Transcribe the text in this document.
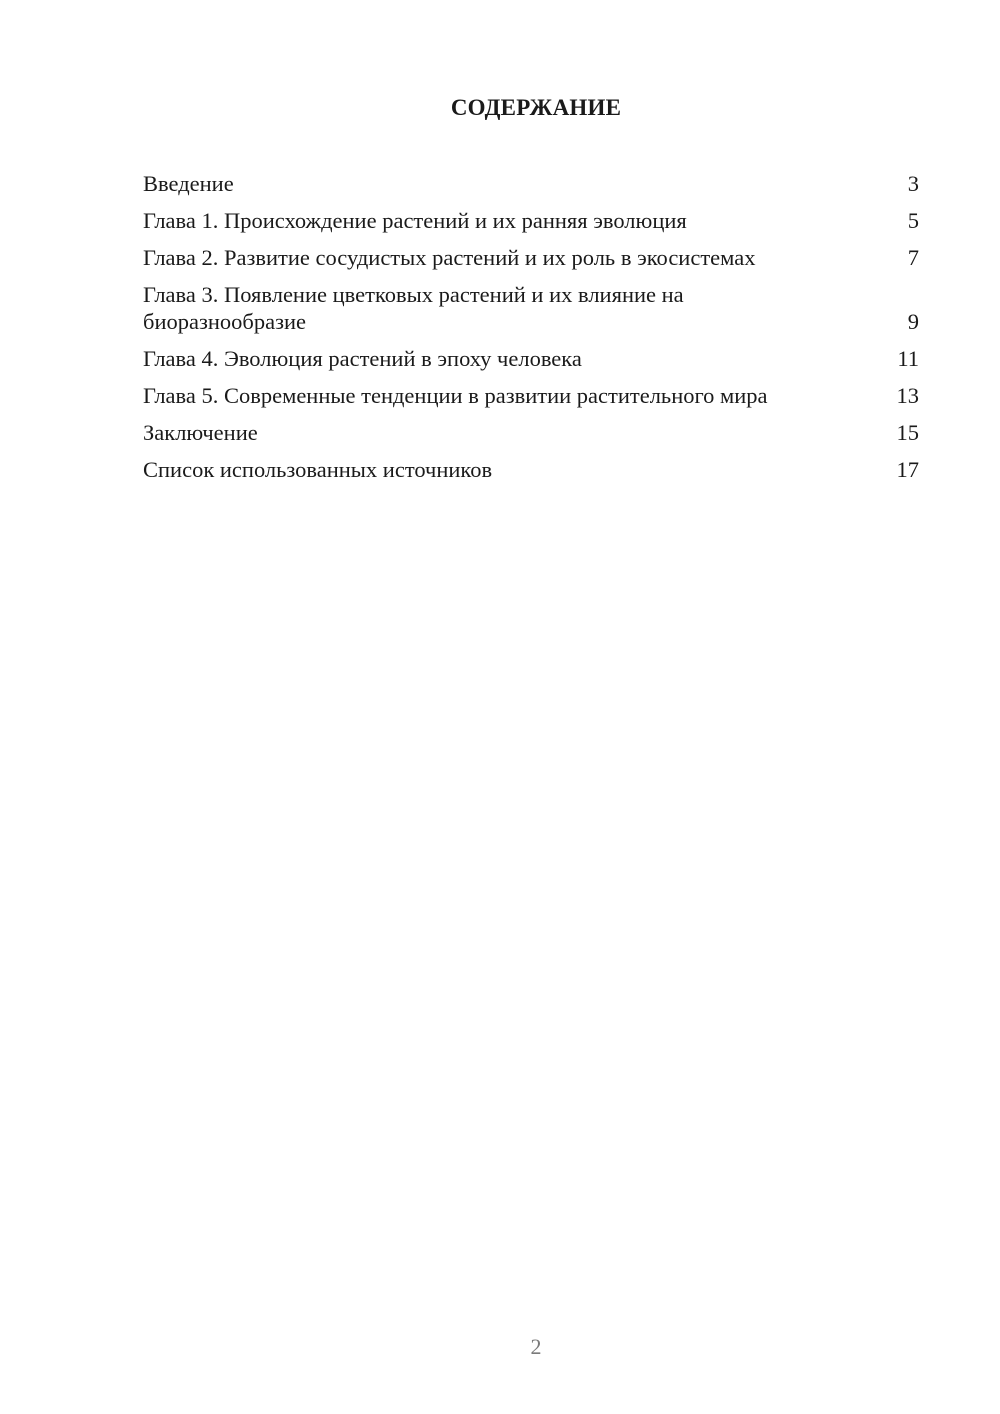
СОДЕРЖАНИЕ
Введение	3
Глава 1. Происхождение растений и их ранняя эволюция	5
Глава 2. Развитие сосудистых растений и их роль в экосистемах	7
Глава 3. Появление цветковых растений и их влияние на биоразнообразие	9
Глава 4. Эволюция растений в эпоху человека	11
Глава 5. Современные тенденции в развитии растительного мира	13
Заключение	15
Список использованных источников	17
2
